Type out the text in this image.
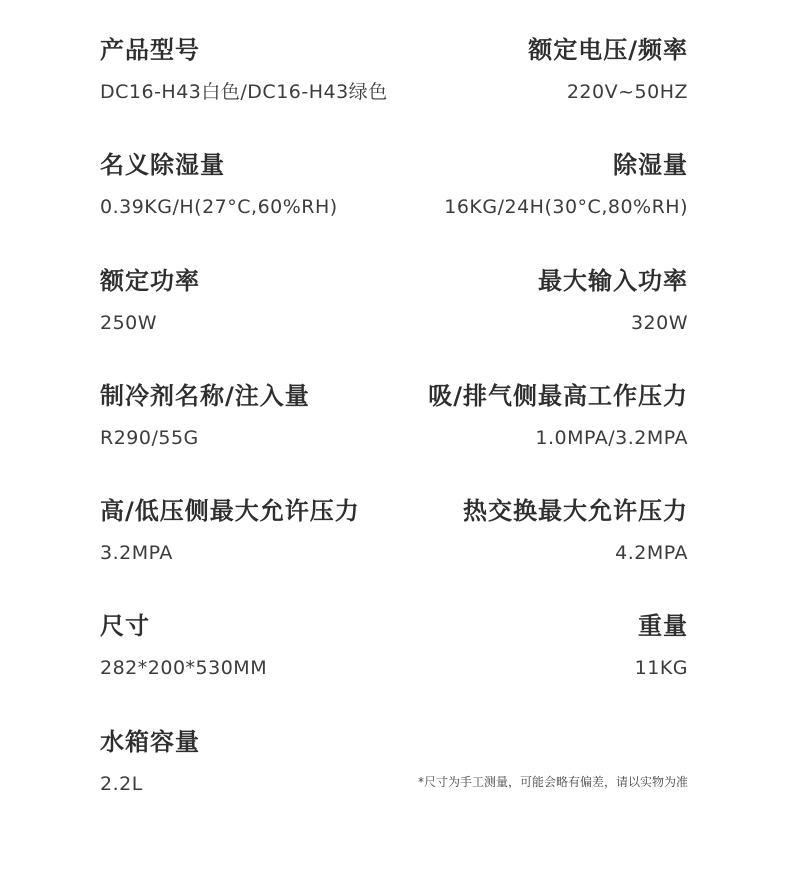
产品型号
DC16-H43白色/DC16-H43绿色
额定电压/频率
220V~50HZ
名义除湿量
0.39KG/H(27°C,60%RH)
除湿量
16KG/24H(30°C,80%RH)
额定功率
250W
最大输入功率
320W
制冷剂名称/注入量
R290/55G
吸/排气侧最高工作压力
1.0MPA/3.2MPA
高/低压侧最大允许压力
3.2MPA
热交换最大允许压力
4.2MPA
尺寸
282*200*530MM
重量
11KG
水箱容量
2.2L	*尺寸为手工测量，可能会略有偏差，请以实物为准
